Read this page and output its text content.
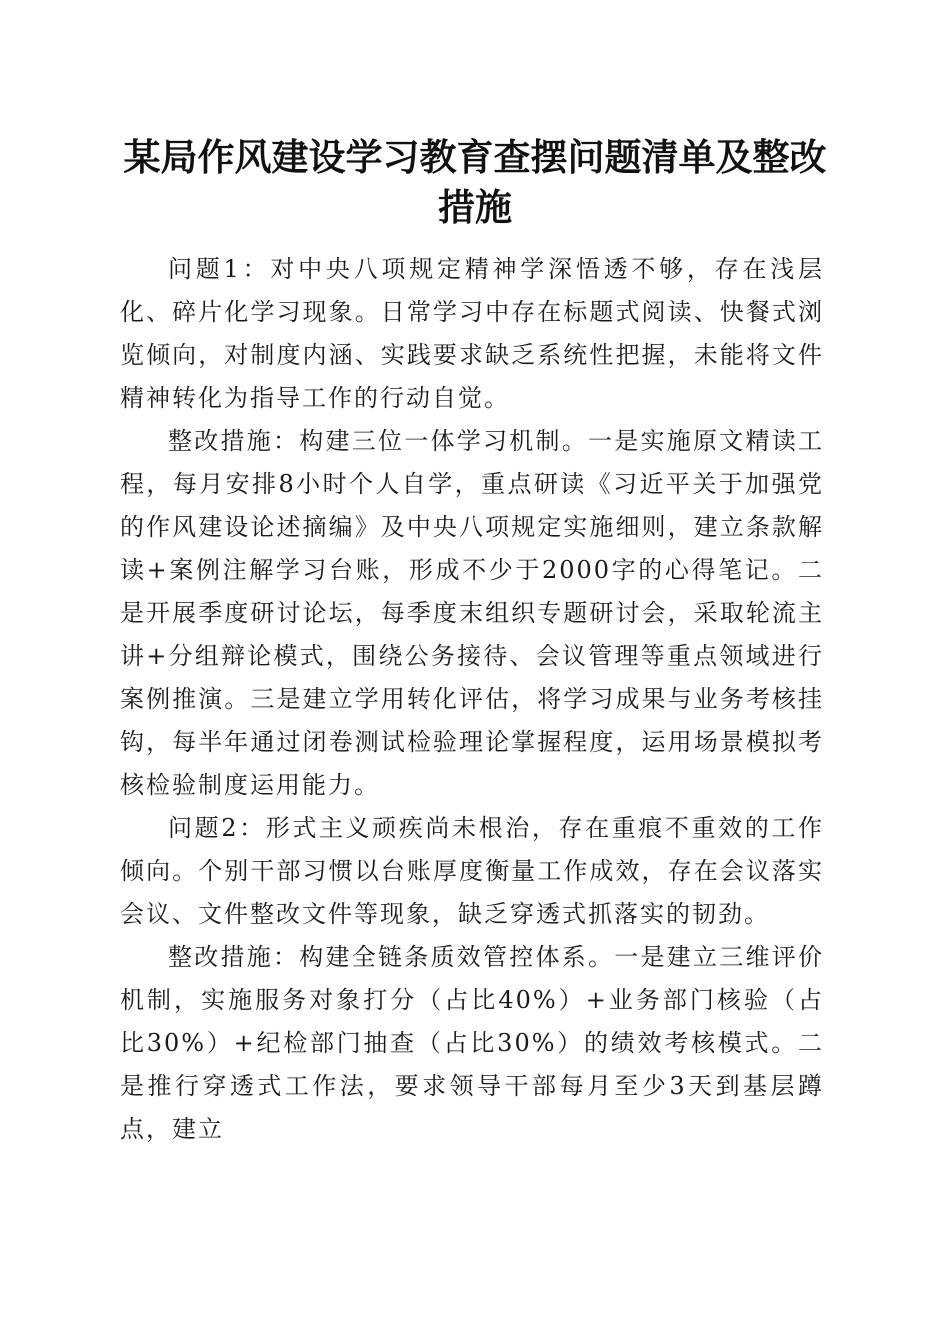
某局作风建设学习教育查摆问题清单及整改措施

问题1：对中央八项规定精神学深悟透不够，存在浅层化、碎片化学习现象。日常学习中存在标题式阅读、快餐式浏览倾向，对制度内涵、实践要求缺乏系统性把握，未能将文件精神转化为指导工作的行动自觉。

整改措施：构建三位一体学习机制。一是实施原文精读工程，每月安排8小时个人自学，重点研读《习近平关于加强党的作风建设论述摘编》及中央八项规定实施细则，建立条款解读+案例注解学习台账，形成不少于2000字的心得笔记。二是开展季度研讨论坛，每季度末组织专题研讨会，采取轮流主讲+分组辩论模式，围绕公务接待、会议管理等重点领域进行案例推演。三是建立学用转化评估，将学习成果与业务考核挂钩，每半年通过闭卷测试检验理论掌握程度，运用场景模拟考核检验制度运用能力。

问题2：形式主义顽疾尚未根治，存在重痕不重效的工作倾向。个别干部习惯以台账厚度衡量工作成效，存在会议落实会议、文件整改文件等现象，缺乏穿透式抓落实的韧劲。

整改措施：构建全链条质效管控体系。一是建立三维评价机制，实施服务对象打分（占比40%）+业务部门核验（占比30%）+纪检部门抽查（占比30%）的绩效考核模式。二是推行穿透式工作法，要求领导干部每月至少3天到基层蹲点，建立
